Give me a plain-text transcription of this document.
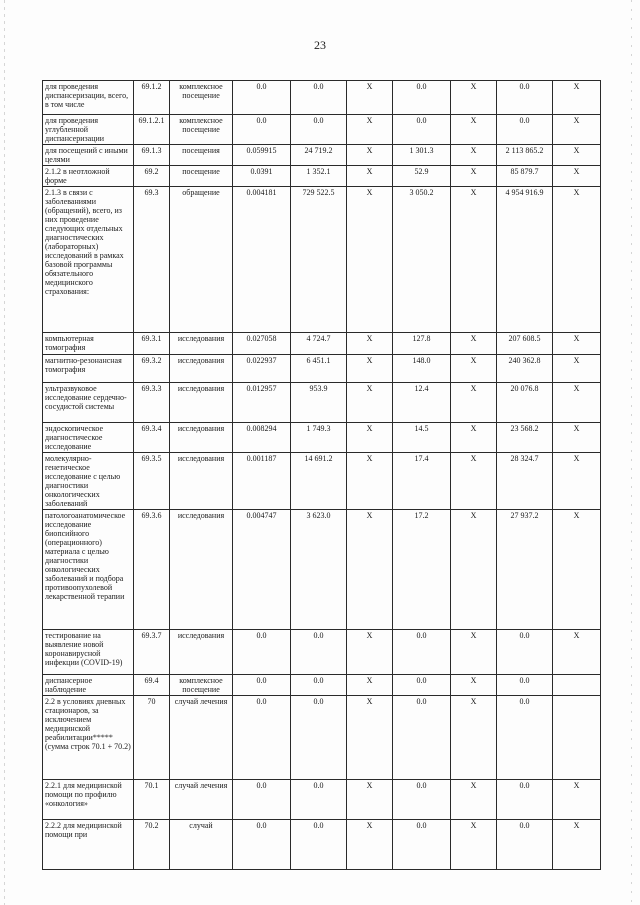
23
для проведения диспансеризации, всего, в том числе	69.1.2	комплексное посещение	0.0	0.0	X	0.0	X	0.0	X
для проведения углубленной диспансеризации	69.1.2.1	комплексное посещение	0.0	0.0	X	0.0	X	0.0	X
для посещений с иными целями	69.1.3	посещения	0.059915	24 719.2	X	1 301.3	X	2 113 865.2	X
2.1.2 в неотложной форме	69.2	посещение	0.0391	1 352.1	X	52.9	X	85 879.7	X
2.1.3 в связи с заболеваниями (обращений), всего, из них проведение следующих отдельных диагностических (лабораторных) исследований в рамках базовой программы обязательного медицинского страхования:	69.3	обращение	0.004181	729 522.5	X	3 050.2	X	4 954 916.9	X
компьютерная томография	69.3.1	исследования	0.027058	4 724.7	X	127.8	X	207 608.5	X
магнитно-резонансная томография	69.3.2	исследования	0.022937	6 451.1	X	148.0	X	240 362.8	X
ультразвуковое исследование сердечно-сосудистой системы	69.3.3	исследования	0.012957	953.9	X	12.4	X	20 076.8	X
эндоскопическое диагностическое исследование	69.3.4	исследования	0.008294	1 749.3	X	14.5	X	23 568.2	X
молекулярно-генетическое исследование с целью диагностики онкологических заболеваний	69.3.5	исследования	0.001187	14 691.2	X	17.4	X	28 324.7	X
патологоанатомическое исследование биопсийного (операционного) материала с целью диагностики онкологических заболеваний и подбора противоопухолевой лекарственной терапии	69.3.6	исследования	0.004747	3 623.0	X	17.2	X	27 937.2	X
тестирование на выявление новой коронавирусной инфекции (COVID-19)	69.3.7	исследования	0.0	0.0	X	0.0	X	0.0	X
диспансерное наблюдение	69.4	комплексное посещение	0.0	0.0	X	0.0	X	0.0	
2.2 в условиях дневных стационаров, за исключением медицинской реабилитации***** (сумма строк 70.1 + 70.2)	70	случай лечения	0.0	0.0	X	0.0	X	0.0	
2.2.1 для медицинской помощи по профилю «онкология»	70.1	случай лечения	0.0	0.0	X	0.0	X	0.0	X
2.2.2 для медицинской помощи при	70.2	случай	0.0	0.0	X	0.0	X	0.0	X
